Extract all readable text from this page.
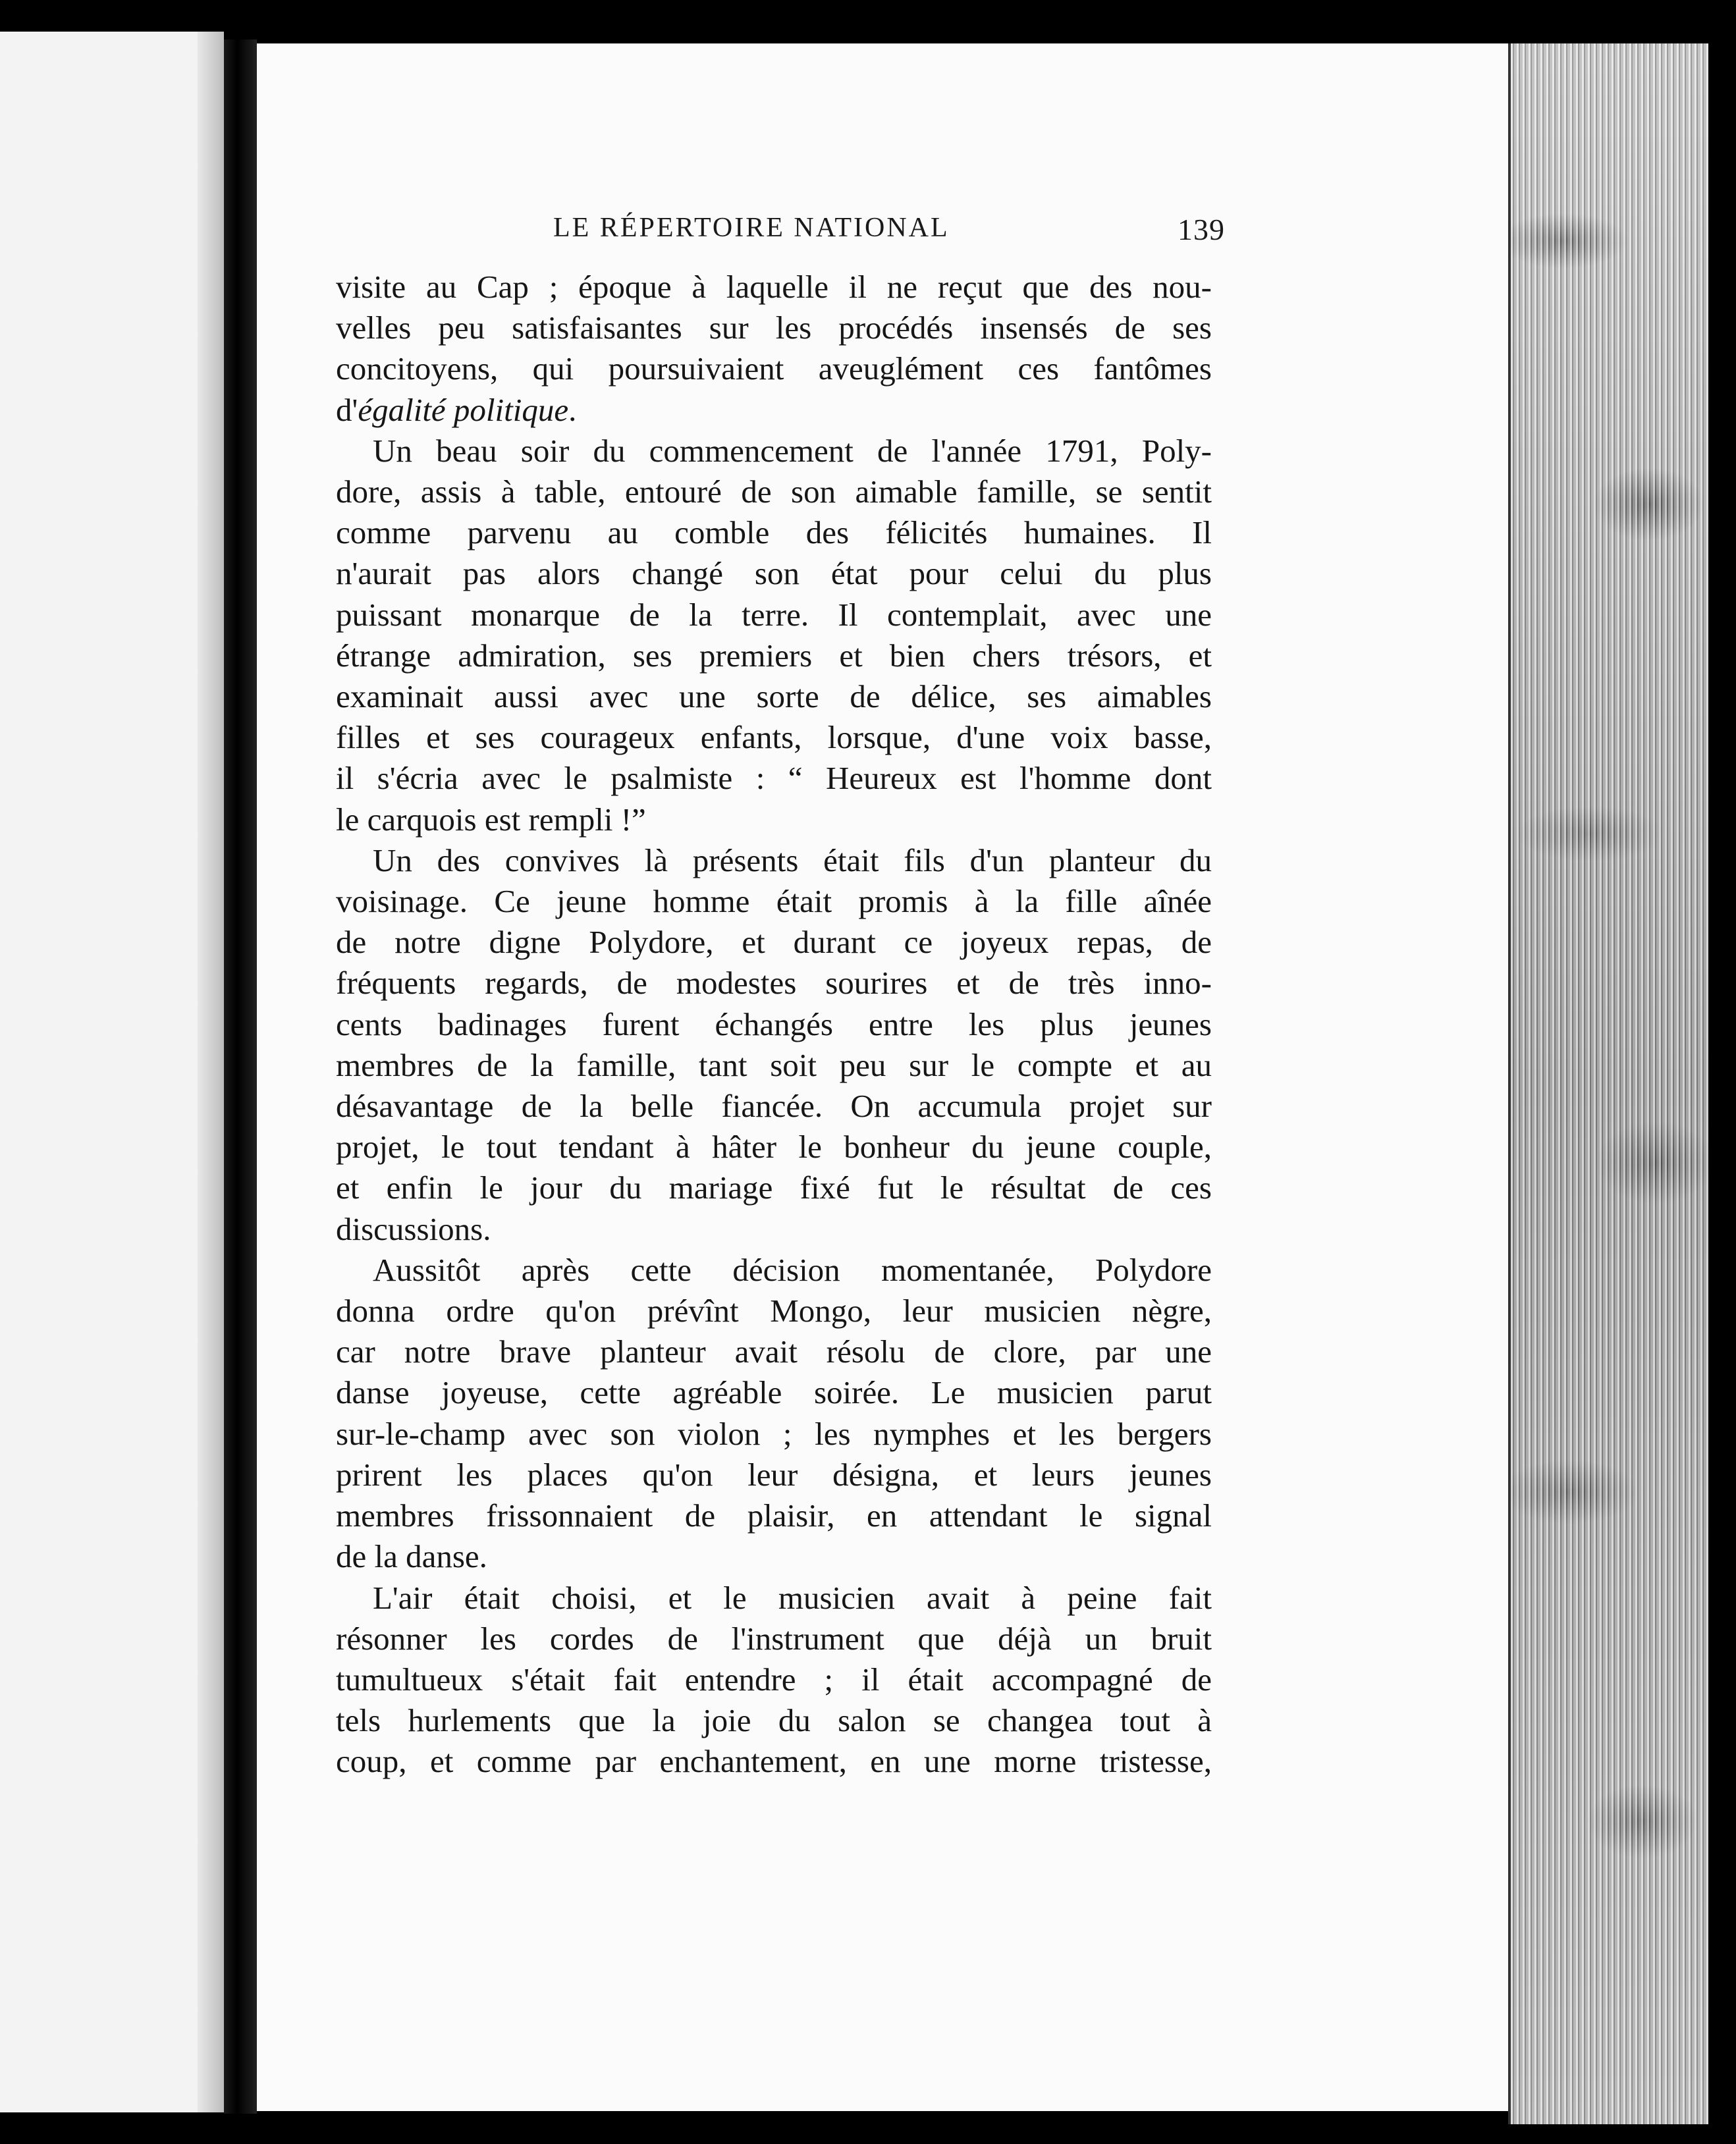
LE RÉPERTOIRE NATIONAL	139

visite au Cap ; époque à laquelle il ne reçut que des nou-
velles peu satisfaisantes sur les procédés insensés de ses
concitoyens, qui poursuivaient aveuglément ces fantômes
d'égalité politique.

Un beau soir du commencement de l'année 1791, Poly-
dore, assis à table, entouré de son aimable famille, se sentit
comme parvenu au comble des félicités humaines. Il
n'aurait pas alors changé son état pour celui du plus
puissant monarque de la terre. Il contemplait, avec une
étrange admiration, ses premiers et bien chers trésors, et
examinait aussi avec une sorte de délice, ses aimables
filles et ses courageux enfants, lorsque, d'une voix basse,
il s'écria avec le psalmiste : “ Heureux est l'homme dont
le carquois est rempli !”

Un des convives là présents était fils d'un planteur du
voisinage. Ce jeune homme était promis à la fille aînée
de notre digne Polydore, et durant ce joyeux repas, de
fréquents regards, de modestes sourires et de très inno-
cents badinages furent échangés entre les plus jeunes
membres de la famille, tant soit peu sur le compte et au
désavantage de la belle fiancée. On accumula projet sur
projet, le tout tendant à hâter le bonheur du jeune couple,
et enfin le jour du mariage fixé fut le résultat de ces
discussions.

Aussitôt après cette décision momentanée, Polydore
donna ordre qu'on prévînt Mongo, leur musicien nègre,
car notre brave planteur avait résolu de clore, par une
danse joyeuse, cette agréable soirée. Le musicien parut
sur-le-champ avec son violon ; les nymphes et les bergers
prirent les places qu'on leur désigna, et leurs jeunes
membres frissonnaient de plaisir, en attendant le signal
de la danse.

L'air était choisi, et le musicien avait à peine fait
résonner les cordes de l'instrument que déjà un bruit
tumultueux s'était fait entendre ; il était accompagné de
tels hurlements que la joie du salon se changea tout à
coup, et comme par enchantement, en une morne tristesse,
